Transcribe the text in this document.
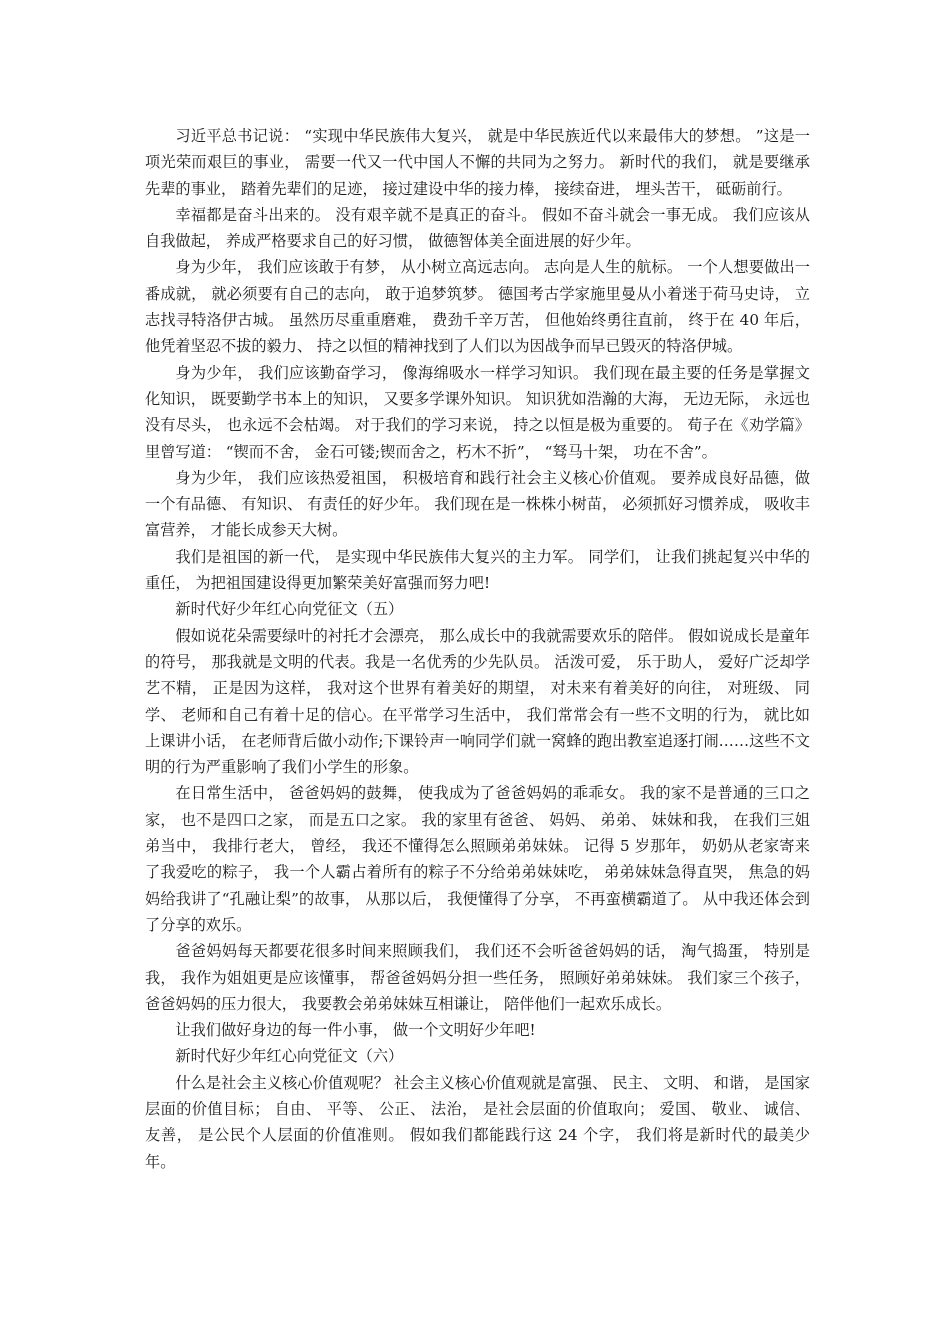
习近平总书记说： “实现中华民族伟大复兴， 就是中华民族近代以来最伟大的梦想。 ”这是一项光荣而艰巨的事业， 需要一代又一代中国人不懈的共同为之努力。 新时代的我们， 就是要继承先辈的事业， 踏着先辈们的足迹， 接过建设中华的接力棒， 接续奋进， 埋头苦干， 砥砺前行。

幸福都是奋斗出来的。 没有艰辛就不是真正的奋斗。 假如不奋斗就会一事无成。 我们应该从自我做起， 养成严格要求自己的好习惯， 做德智体美全面进展的好少年。

身为少年， 我们应该敢于有梦， 从小树立高远志向。 志向是人生的航标。 一个人想要做出一番成就， 就必须要有自己的志向， 敢于追梦筑梦。 德国考古学家施里曼从小着迷于荷马史诗， 立志找寻特洛伊古城。 虽然历尽重重磨难， 费劲千辛万苦， 但他始终勇往直前， 终于在 40 年后， 他凭着坚忍不拔的毅力、 持之以恒的精神找到了人们以为因战争而早已毁灭的特洛伊城。

身为少年， 我们应该勤奋学习， 像海绵吸水一样学习知识。 我们现在最主要的任务是掌握文化知识， 既要勤学书本上的知识， 又要多学课外知识。 知识犹如浩瀚的大海， 无边无际， 永远也没有尽头， 也永远不会枯竭。 对于我们的学习来说， 持之以恒是极为重要的。 荀子在《劝学篇》 里曾写道： “锲而不舍， 金石可镂;锲而舍之，朽木不折”， “驽马十架， 功在不舍”。

身为少年， 我们应该热爱祖国， 积极培育和践行社会主义核心价值观。 要养成良好品德，做一个有品德、 有知识、 有责任的好少年。 我们现在是一株株小树苗， 必须抓好习惯养成， 吸收丰富营养， 才能长成参天大树。

我们是祖国的新一代， 是实现中华民族伟大复兴的主力军。 同学们， 让我们挑起复兴中华的重任， 为把祖国建设得更加繁荣美好富强而努力吧!

新时代好少年红心向党征文（五）

假如说花朵需要绿叶的衬托才会漂亮， 那么成长中的我就需要欢乐的陪伴。 假如说成长是童年的符号， 那我就是文明的代表。我是一名优秀的少先队员。 活泼可爱， 乐于助人， 爱好广泛却学艺不精， 正是因为这样， 我对这个世界有着美好的期望， 对未来有着美好的向往， 对班级、 同学、 老师和自己有着十足的信心。在平常学习生活中， 我们常常会有一些不文明的行为， 就比如上课讲小话， 在老师背后做小动作;下课铃声一响同学们就一窝蜂的跑出教室追逐打闹……这些不文明的行为严重影响了我们小学生的形象。

在日常生活中， 爸爸妈妈的鼓舞， 使我成为了爸爸妈妈的乖乖女。 我的家不是普通的三口之家， 也不是四口之家， 而是五口之家。 我的家里有爸爸、 妈妈、 弟弟、 妹妹和我， 在我们三姐弟当中， 我排行老大， 曾经， 我还不懂得怎么照顾弟弟妹妹。 记得 5 岁那年， 奶奶从老家寄来了我爱吃的粽子， 我一个人霸占着所有的粽子不分给弟弟妹妹吃， 弟弟妹妹急得直哭， 焦急的妈妈给我讲了“孔融让梨”的故事， 从那以后， 我便懂得了分享， 不再蛮横霸道了。 从中我还体会到了分享的欢乐。

爸爸妈妈每天都要花很多时间来照顾我们， 我们还不会听爸爸妈妈的话， 淘气捣蛋， 特别是我， 我作为姐姐更是应该懂事， 帮爸爸妈妈分担一些任务， 照顾好弟弟妹妹。 我们家三个孩子， 爸爸妈妈的压力很大， 我要教会弟弟妹妹互相谦让， 陪伴他们一起欢乐成长。

让我们做好身边的每一件小事， 做一个文明好少年吧!

新时代好少年红心向党征文（六）

什么是社会主义核心价值观呢？ 社会主义核心价值观就是富强、 民主、 文明、 和谐， 是国家层面的价值目标； 自由、 平等、 公正、 法治， 是社会层面的价值取向； 爱国、 敬业、 诚信、 友善， 是公民个人层面的价值准则。 假如我们都能践行这 24 个字， 我们将是新时代的最美少年。
